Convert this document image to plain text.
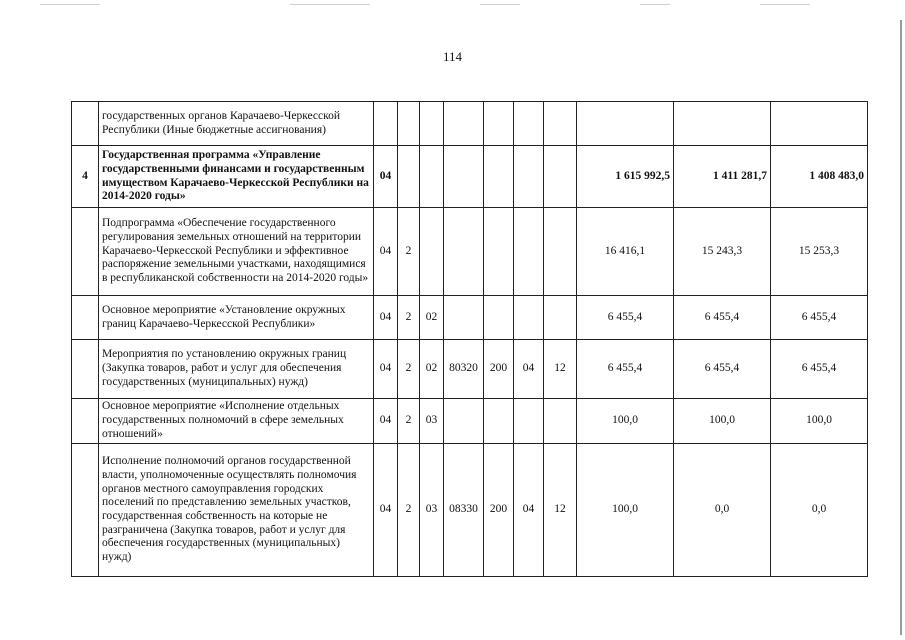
114
	государственных органов Карачаево-Черкесской Республики (Иные бюджетные ассигнования)										
4	Государственная программа «Управление государственными финансами и государственным имуществом Карачаево-Черкесской Республики на 2014-2020 годы»	04							1 615 992,5	1 411 281,7	1 408 483,0
	Подпрограмма «Обеспечение государственного регулирования земельных отношений на территории Карачаево-Черкесской Республики и эффективное распоряжение земельными участками, находящимися в республиканской собственности на 2014-2020 годы»	04	2						16 416,1	15 243,3	15 253,3
	Основное мероприятие «Установление окружных границ Карачаево-Черкесской Республики»	04	2	02					6 455,4	6 455,4	6 455,4
	Мероприятия по установлению окружных границ (Закупка товаров, работ и услуг для обеспечения государственных (муниципальных) нужд)	04	2	02	80320	200	04	12	6 455,4	6 455,4	6 455,4
	Основное мероприятие «Исполнение отдельных государственных полномочий в сфере земельных отношений»	04	2	03					100,0	100,0	100,0
	Исполнение полномочий органов государственной власти, уполномоченные осуществлять полномочия органов местного самоуправления городских поселений по представлению земельных участков, государственная собственность на которые не разграничена (Закупка товаров, работ и услуг для обеспечения государственных (муниципальных) нужд)	04	2	03	08330	200	04	12	100,0	0,0	0,0
